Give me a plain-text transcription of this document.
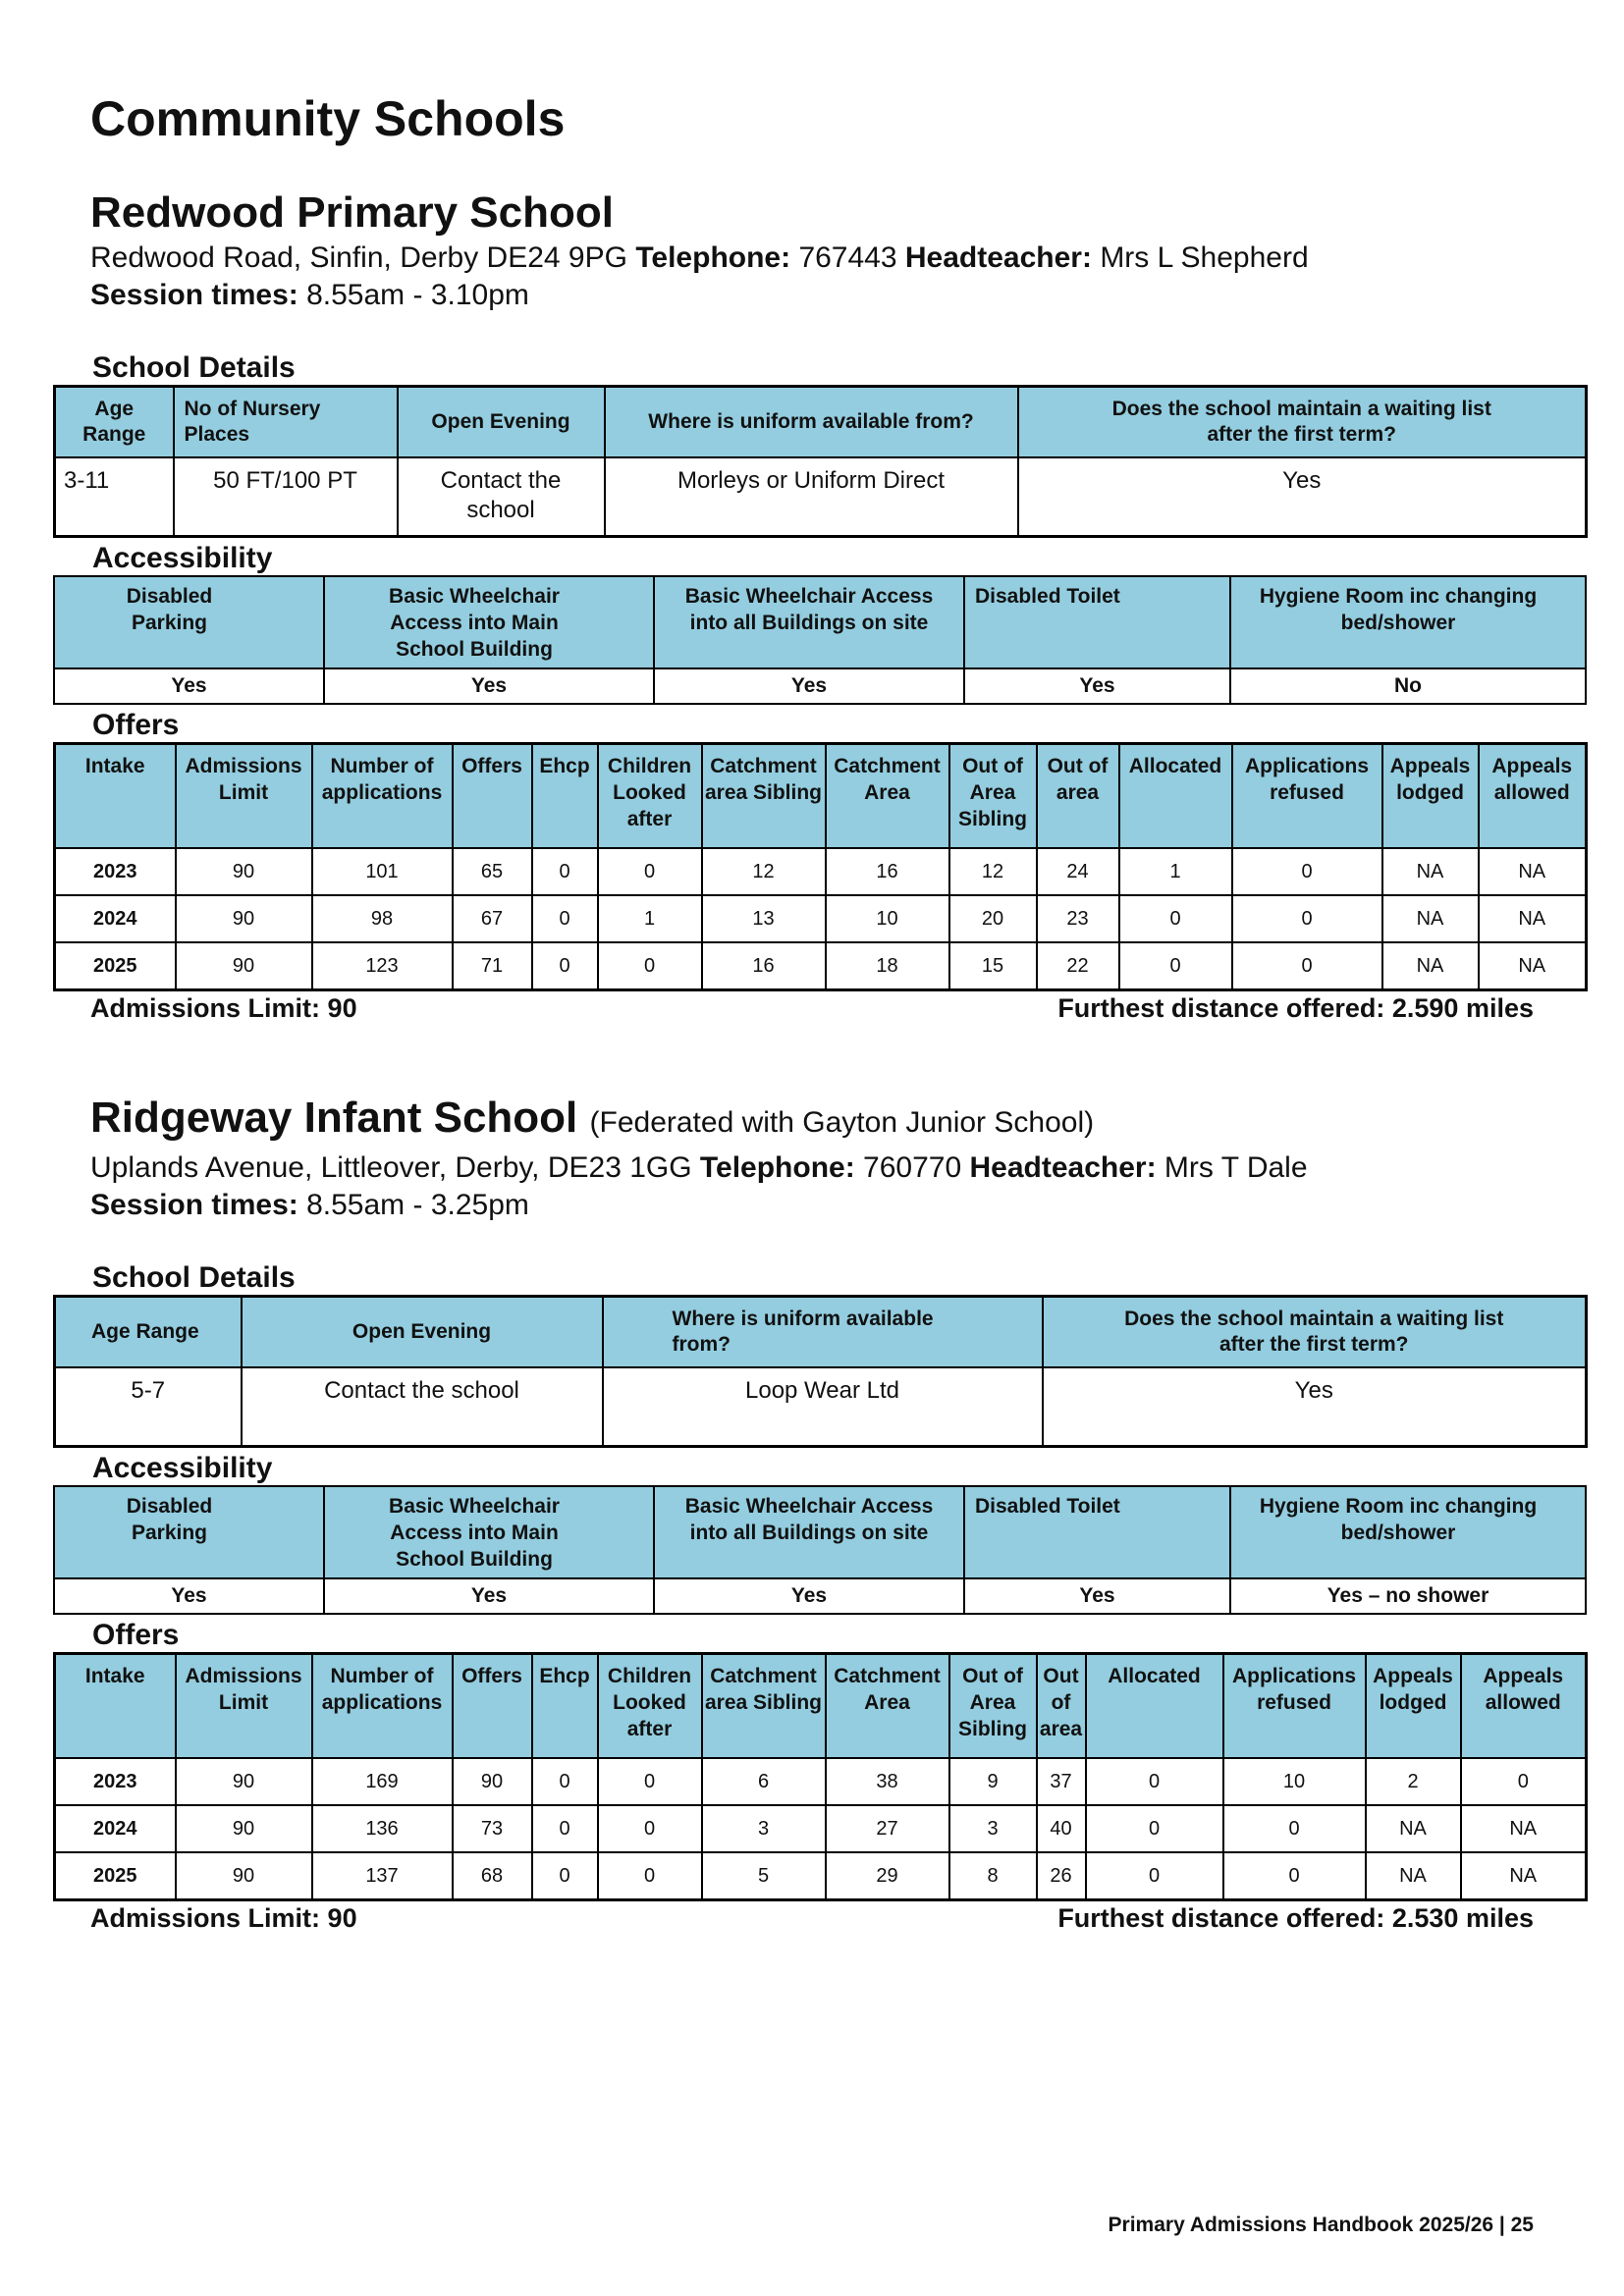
Community Schools
Redwood Primary School

Redwood Road, Sinfin, Derby DE24 9PG Telephone: 767443 Headteacher: Mrs L Shepherd

Session times: 8.55am - 3.10pm

School Details
Age Range	No of Nursery Places	Open Evening	Where is uniform available from?	Does the school maintain a waiting list after the first term?
3-11	50 FT/100 PT	Contact the school	Morleys or Uniform Direct	Yes
Accessibility
Disabled Parking	Basic Wheelchair Access into Main School Building	Basic Wheelchair Access into all Buildings on site	Disabled Toilet	Hygiene Room inc changing bed/shower
Yes	Yes	Yes	Yes	No
Offers
Intake	Admissions Limit	Number of applications	Offers	Ehcp	Children Looked after	Catchment area Sibling	Catchment Area	Out of Area Sibling	Out of area	Allocated	Applications refused	Appeals lodged	Appeals allowed
2023	90	101	65	0	0	12	16	12	24	1	0	NA	NA
2024	90	98	67	0	1	13	10	20	23	0	0	NA	NA
2025	90	123	71	0	0	16	18	15	22	0	0	NA	NA
Admissions Limit: 90	Furthest distance offered: 2.590 miles
Ridgeway Infant School (Federated with Gayton Junior School)

Uplands Avenue, Littleover, Derby, DE23 1GG Telephone: 760770 Headteacher: Mrs T Dale

Session times: 8.55am - 3.25pm

School Details
Age Range	Open Evening	Where is uniform available from?	Does the school maintain a waiting list after the first term?
5-7	Contact the school	Loop Wear Ltd	Yes
Accessibility
Disabled Parking	Basic Wheelchair Access into Main School Building	Basic Wheelchair Access into all Buildings on site	Disabled Toilet	Hygiene Room inc changing bed/shower
Yes	Yes	Yes	Yes	Yes – no shower
Offers
Intake	Admissions Limit	Number of applications	Offers	Ehcp	Children Looked after	Catchment area Sibling	Catchment Area	Out of Area Sibling	Out of area	Allocated	Applications refused	Appeals lodged	Appeals allowed
2023	90	169	90	0	0	6	38	9	37	0	10	2	0
2024	90	136	73	0	0	3	27	3	40	0	0	NA	NA
2025	90	137	68	0	0	5	29	8	26	0	0	NA	NA
Admissions Limit: 90	Furthest distance offered: 2.530 miles
Primary Admissions Handbook 2025/26 | 25
